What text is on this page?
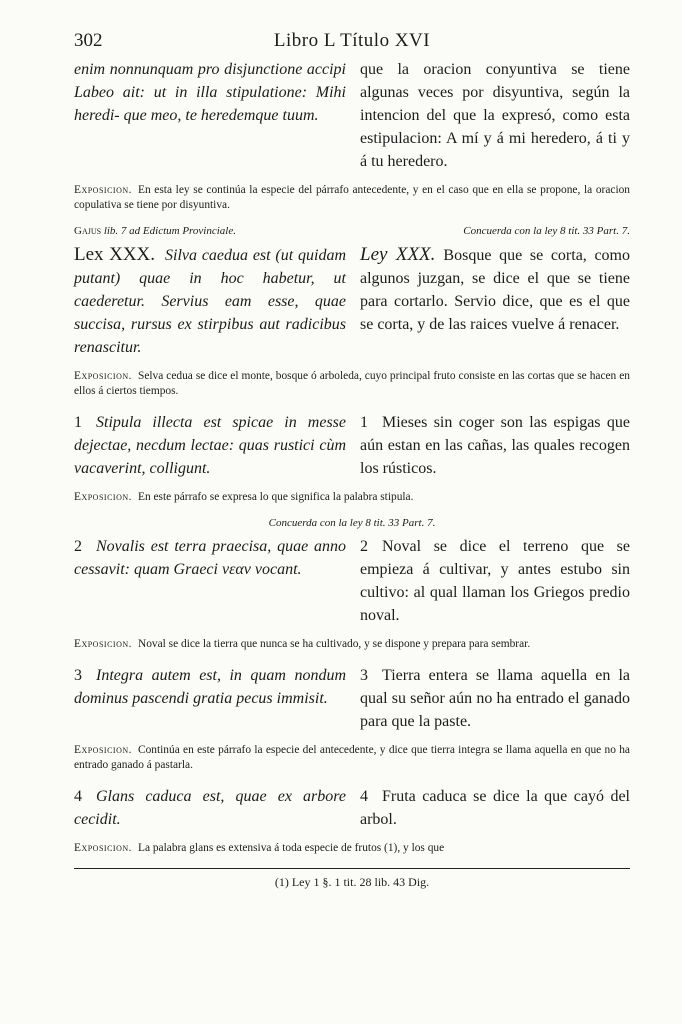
302	Libro L Título XVI
enim nonnunquam pro disjunctione accipi Labeo ait: ut in illa stipulatione: Mihi heredi- que meo, te heredemque tuum.
que la oracion conyuntiva se tiene algunas veces por disyuntiva, según la intencion del que la expresó, como esta estipulacion: A mí y á mi heredero, á ti y á tu heredero.
Exposicion. En esta ley se continúa la especie del párrafo antecedente, y en el caso que en ella se propone, la oracion copulativa se tiene por disyuntiva.
Gajus lib. 7 ad Edictum Provinciale.	Concuerda con la ley 8 tit. 33 Part. 7.
Lex XXX. Silva caedua est (ut quidam putant) quae in hoc habetur, ut caederetur. Servius eam esse, quae succisa, rursus ex stirpibus aut radicibus renascitur.
Ley XXX. Bosque que se corta, como algunos juzgan, se dice el que se tiene para cortarlo. Servio dice, que es el que se corta, y de las raices vuelve á renacer.
Exposicion. Selva cedua se dice el monte, bosque ó arboleda, cuyo principal fruto consiste en las cortas que se hacen en ellos á ciertos tiempos.
1 Stipula illecta est spicae in messe dejectae, necdum lectae: quas rustici cùm vacaverint, colligunt.
1 Mieses sin coger son las espigas que aún estan en las cañas, las quales recogen los rústicos.
Exposicion. En este párrafo se expresa lo que significa la palabra stipula.
Concuerda con la ley 8 tit. 33 Part. 7.
2 Novalis est terra praecisa, quae anno cessavit: quam Graeci νεαν vocant.
2 Noval se dice el terreno que se empieza á cultivar, y antes estubo sin cultivo: al qual llaman los Griegos predio noval.
Exposicion. Noval se dice la tierra que nunca se ha cultivado, y se dispone y prepara para sembrar.
3 Integra autem est, in quam nondum dominus pascendi gratia pecus immisit.
3 Tierra entera se llama aquella en la qual su señor aún no ha entrado el ganado para que la paste.
Exposicion. Continúa en este párrafo la especie del antecedente, y dice que tierra integra se llama aquella en que no ha entrado ganado á pastarla.
4 Glans caduca est, quae ex arbore cecidit.
4 Fruta caduca se dice la que cayó del arbol.
Exposicion. La palabra glans es extensiva á toda especie de frutos (1), y los que
(1) Ley 1 §. 1 tit. 28 lib. 43 Dig.
